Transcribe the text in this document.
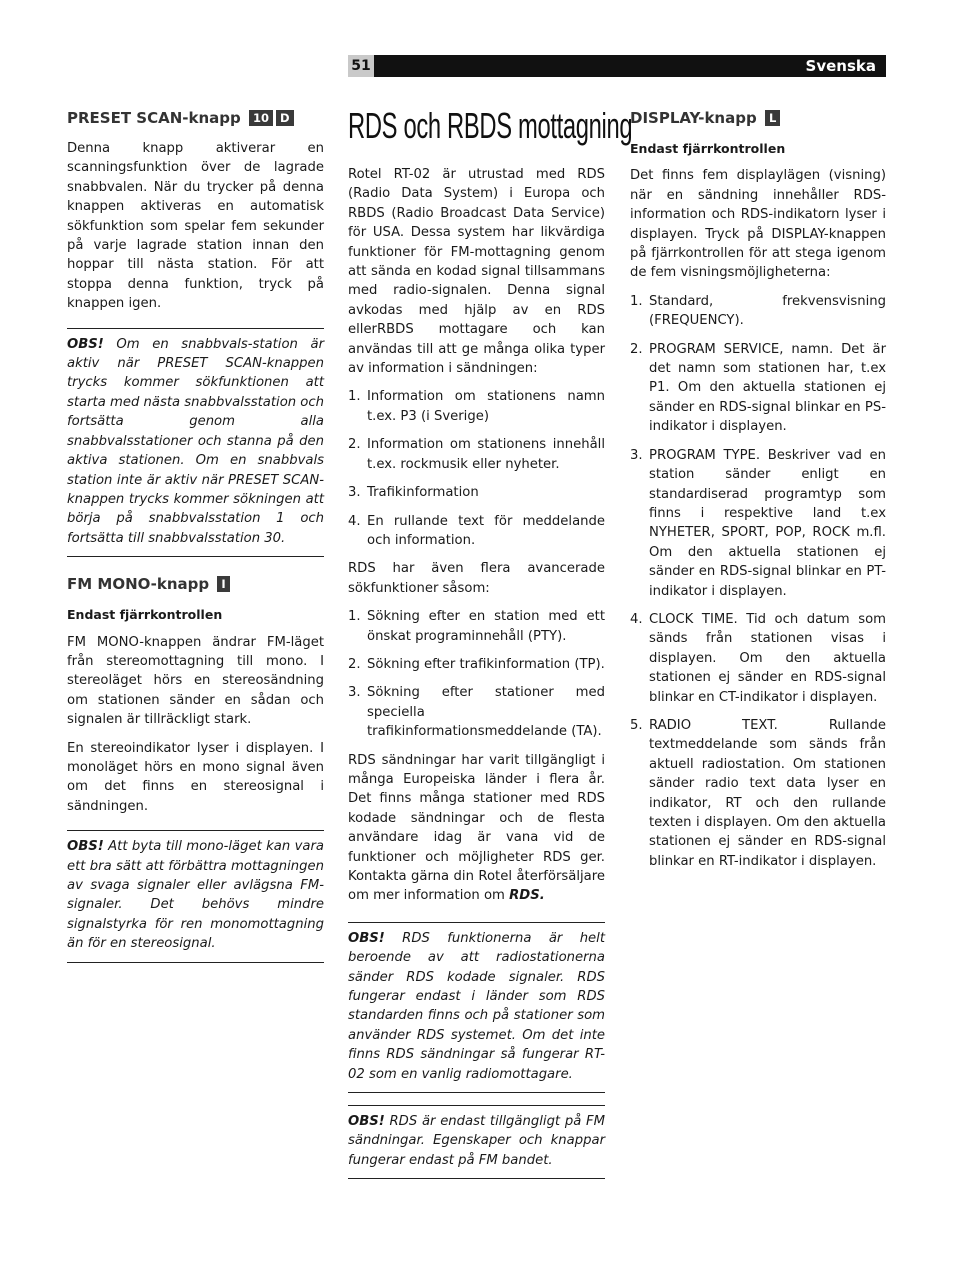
51	Svenska
PRESET SCAN-knapp 10 D

Denna knapp aktiverar en scanningsfunktion över de lagrade snabbvalen. När du trycker på denna knappen aktiveras en automatisk sökfunktion som spelar fem sekunder på varje lagrade station innan den hoppar till nästa station. För att stoppa denna funktion, tryck på knappen igen.

OBS! Om en snabbvals-station är aktiv när PRESET SCAN-knappen trycks kommer sökfunktionen att starta med nästa snabbvalsstation och fortsätta genom alla snabbvalsstationer och stanna på den aktiva stationen. Om en snabbvals station inte är aktiv när PRESET SCAN-knappen trycks kommer sökningen att börja på snabbvalsstation 1 och fortsätta till snabbvalsstation 30.
FM MONO-knapp I
Endast fjärrkontrollen

FM MONO-knappen ändrar FM-läget från stereomottagning till mono. I stereoläget hörs en stereosändning om stationen sänder en sådan och signalen är tillräckligt stark.

En stereoindikator lyser i displayen. I monoläget hörs en mono signal även om det finns en stereosignal i sändningen.

OBS! Att byta till mono-läget kan vara ett bra sätt att förbättra mottagningen av svaga signaler eller avlägsna FM-signaler. Det behövs mindre signalstyrka för ren monomottagning än för en stereosignal.
RDS och RBDS mottagning

Rotel RT-02 är utrustad med RDS (Radio Data System) i Europa och RBDS (Radio Broadcast Data Service) för USA. Dessa system har likvärdiga funktioner för FM-mottagning genom att sända en kodad signal tillsammans med radio-signalen. Denna signal avkodas med hjälp av en RDS ellerRBDS mottagare och kan användas till att ge många olika typer av information i sändningen:

1. Information om stationens namn t.ex. P3 (i Sverige)
2. Information om stationens innehåll t.ex. rockmusik eller nyheter.
3. Trafikinformation
4. En rullande text för meddelande och information.

RDS har även flera avancerade sökfunktioner såsom:

1. Sökning efter en station med ett önskat programinnehåll (PTY).
2. Sökning efter trafikinformation (TP).
3. Sökning efter stationer med speciella trafikinformationsmeddelande (TA).

RDS sändningar har varit tillgängligt i många Europeiska länder i flera år. Det finns många stationer med RDS kodade sändningar och de flesta användare idag är vana vid de funktioner och möjligheter RDS ger. Kontakta gärna din Rotel återförsäljare om mer information om RDS.

OBS! RDS funktionerna är helt beroende av att radiostationerna sänder RDS kodade signaler. RDS fungerar endast i länder som RDS standarden finns och på stationer som använder RDS systemet. Om det inte finns RDS sändningar så fungerar RT-02 som en vanlig radiomottagare.
OBS! RDS är endast tillgängligt på FM sändningar. Egenskaper och knappar fungerar endast på FM bandet.
DISPLAY-knapp L
Endast fjärrkontrollen

Det finns fem displaylägen (visning) när en sändning innehåller RDS-information och RDS-indikatorn lyser i displayen. Tryck på DISPLAY-knappen på fjärrkontrollen för att stega igenom de fem visningsmöjligheterna:

1. Standard, frekvensvisning (FREQUENCY).
2. PROGRAM SERVICE, namn. Det är det namn som stationen har, t.ex P1. Om den aktuella stationen ej sänder en RDS-signal blinkar en PS-indikator i displayen.
3. PROGRAM TYPE. Beskriver vad en station sänder enligt en standardiserad programtyp som finns i respektive land t.ex NYHETER, SPORT, POP, ROCK m.fl. Om den aktuella stationen ej sänder en RDS-signal blinkar en PT-indikator i displayen.
4. CLOCK TIME. Tid och datum som sänds från stationen visas i displayen. Om den aktuella stationen ej sänder en RDS-signal blinkar en CT-indikator i displayen.
5. RADIO TEXT. Rullande textmeddelande som sänds från aktuell radiostation. Om stationen sänder radio text data lyser en indikator, RT och den rullande texten i displayen. Om den aktuella stationen ej sänder en RDS-signal blinkar en RT-indikator i displayen.
